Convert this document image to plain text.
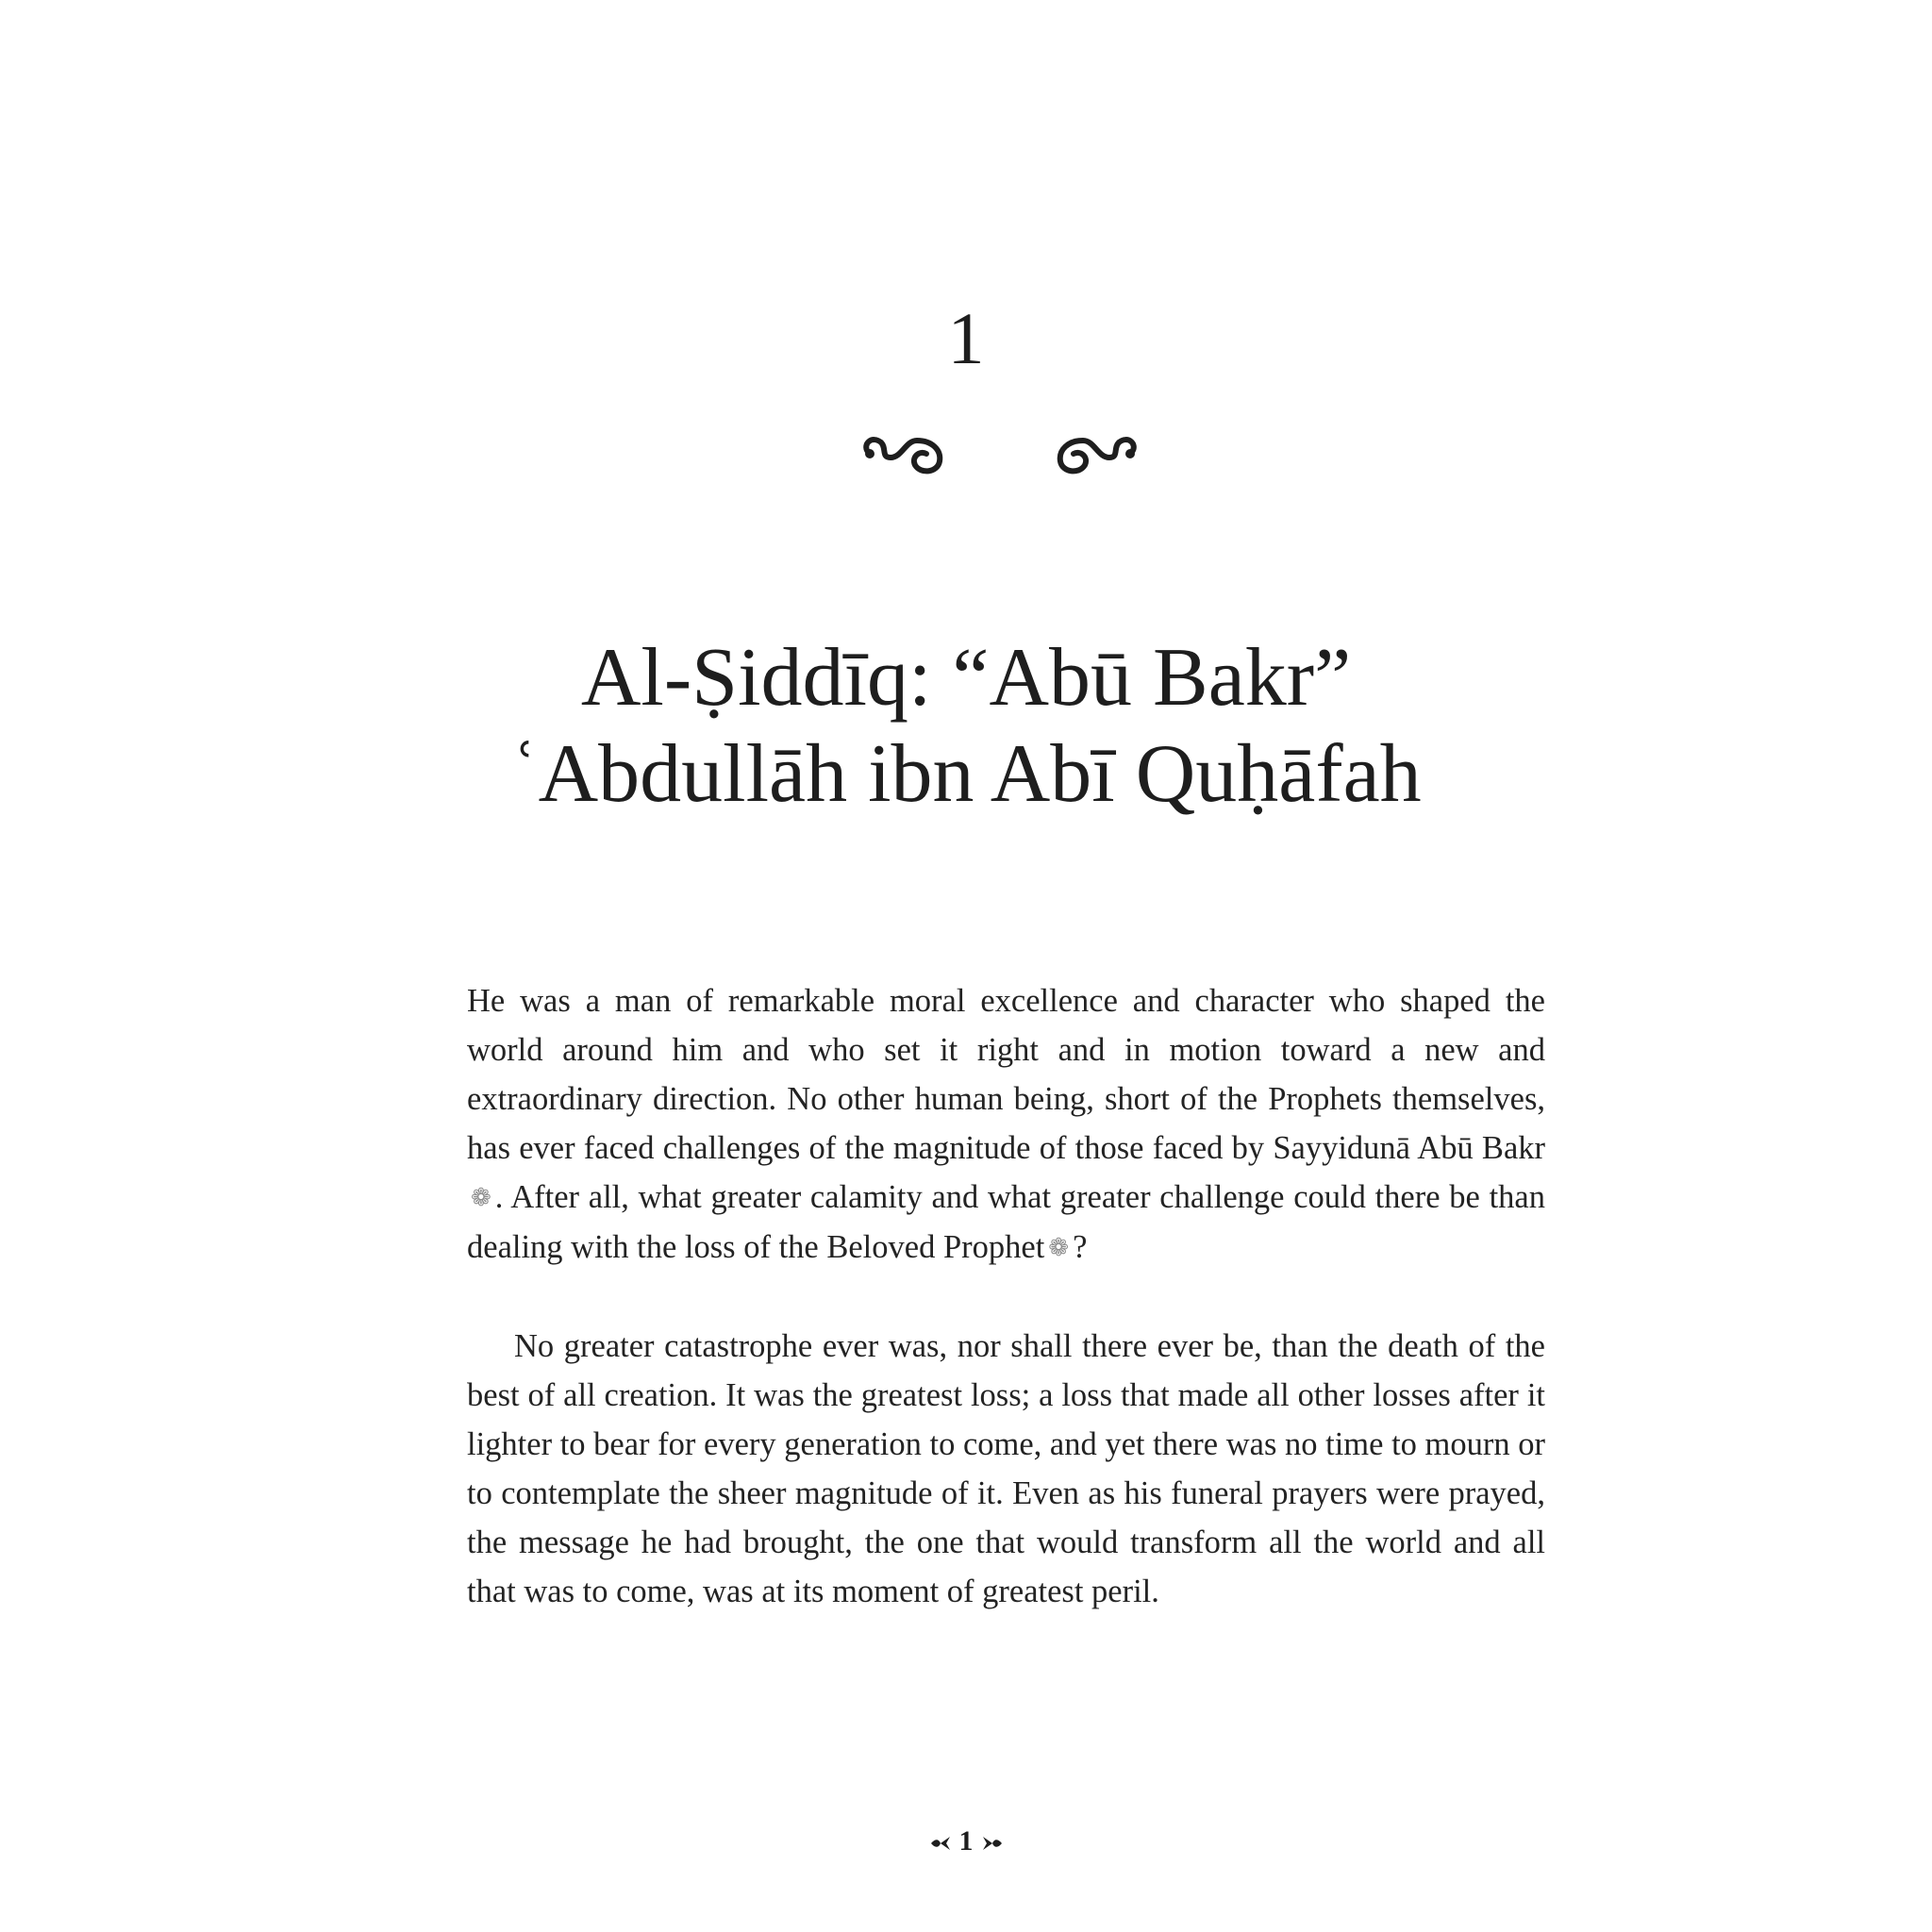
1
Al-Ṣiddīq: “Abū Bakr”
ʿAbdullāh ibn Abī Quḥāfah

He was a man of remarkable moral excellence and character who shaped the world around him and who set it right and in motion toward a new and extraordinary direction. No other human being, short of the Prophets themselves, has ever faced challenges of the magnitude of those faced by Sayyidunā Abū Bakr❁ . After all, what greater calamity and what greater challenge could there be than dealing with the loss of the Beloved Prophet ❁ ?

No greater catastrophe ever was, nor shall there ever be, than the death of the best of all creation. It was the greatest loss; a loss that made all other losses after it lighter to bear for every generation to come, and yet there was no time to mourn or to contemplate the sheer magnitude of it. Even as his funeral prayers were prayed, the message he had brought, the one that would transform all the world and all that was to come, was at its moment of greatest peril.

1
